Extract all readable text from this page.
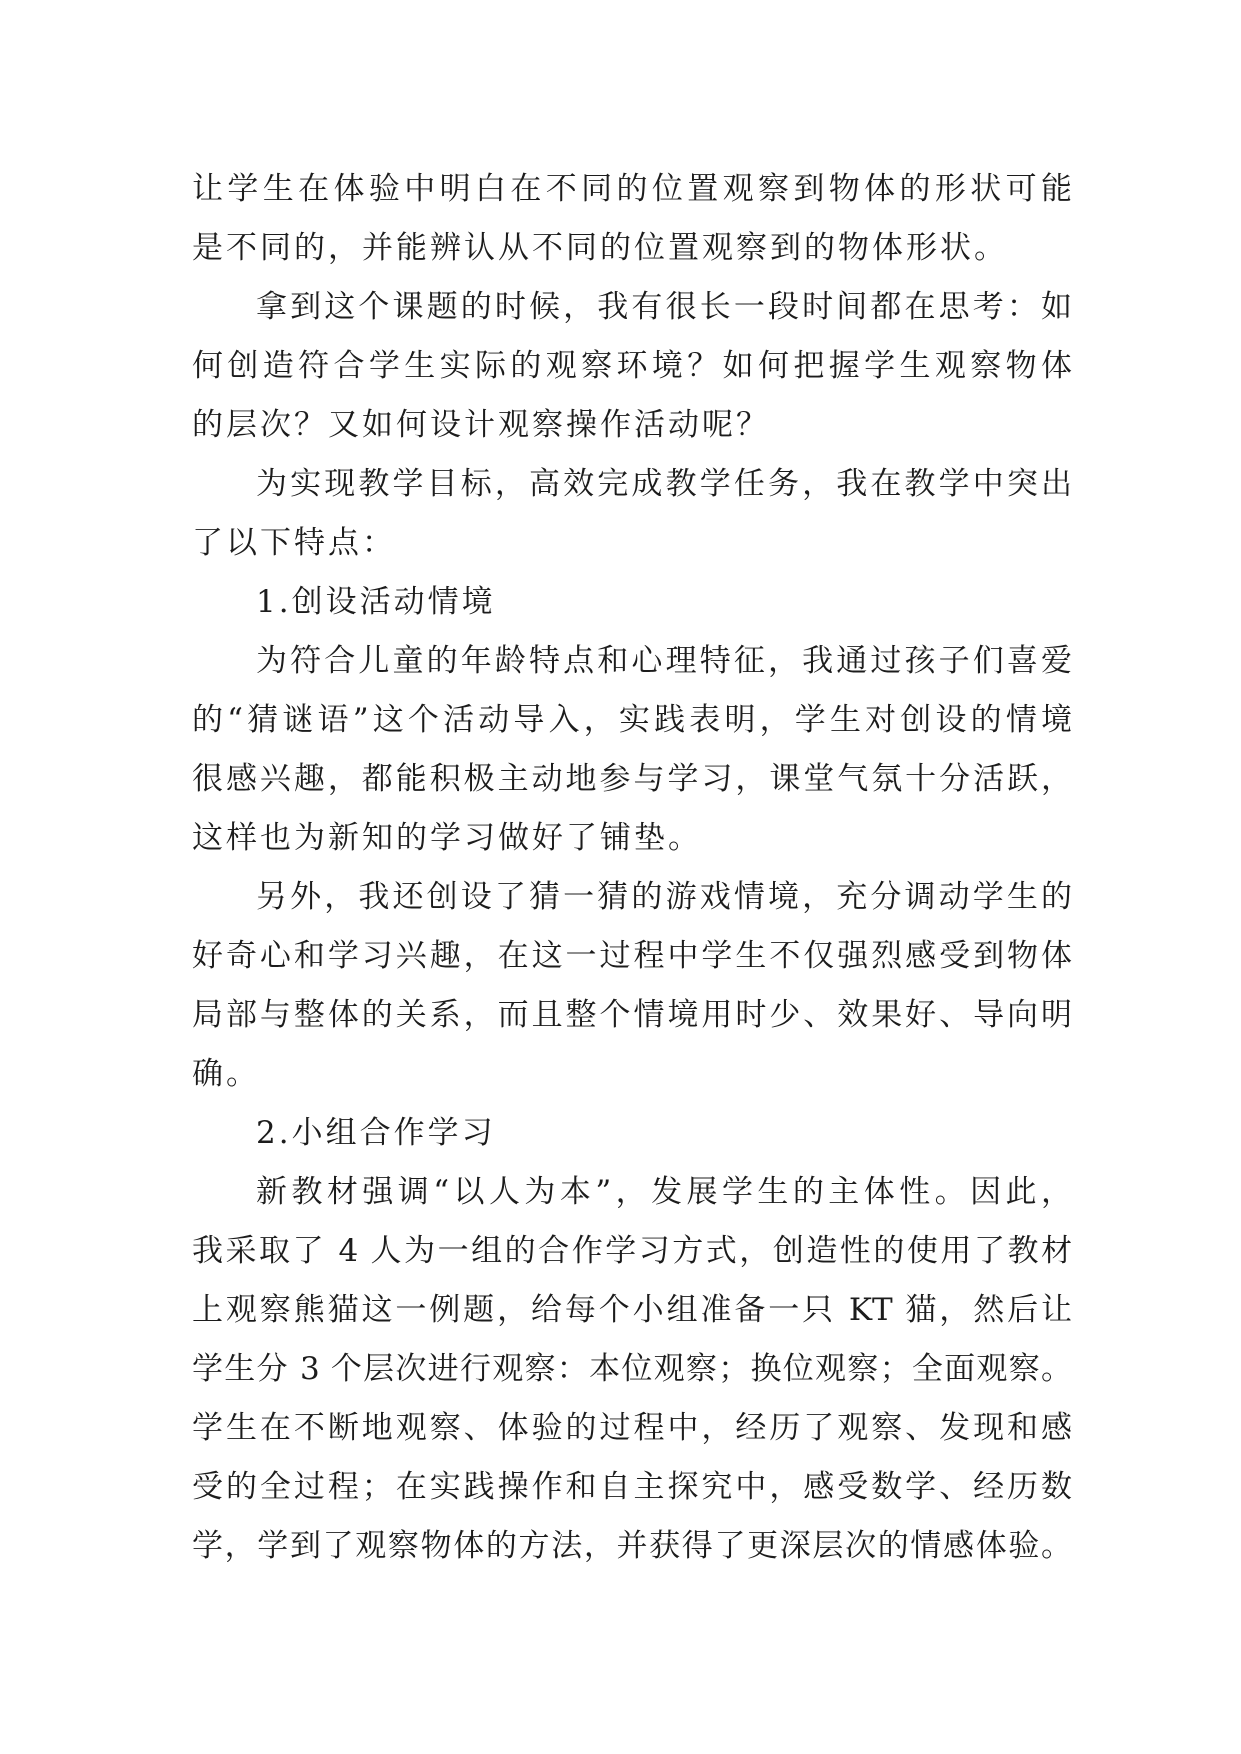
让学生在体验中明白在不同的位置观察到物体的形状可能
是不同的，并能辨认从不同的位置观察到的物体形状。
拿到这个课题的时候，我有很长一段时间都在思考：如
何创造符合学生实际的观察环境？如何把握学生观察物体
的层次？又如何设计观察操作活动呢？
为实现教学目标，高效完成教学任务，我在教学中突出
了以下特点：
1.创设活动情境
为符合儿童的年龄特点和心理特征，我通过孩子们喜爱
的“猜谜语”这个活动导入，实践表明，学生对创设的情境
很感兴趣，都能积极主动地参与学习，课堂气氛十分活跃，
这样也为新知的学习做好了铺垫。
另外，我还创设了猜一猜的游戏情境，充分调动学生的
好奇心和学习兴趣，在这一过程中学生不仅强烈感受到物体
局部与整体的关系，而且整个情境用时少、效果好、导向明
确。
2.小组合作学习
新教材强调“以人为本”，发展学生的主体性。因此，
我采取了 4 人为一组的合作学习方式，创造性的使用了教材
上观察熊猫这一例题，给每个小组准备一只 KT 猫，然后让
学生分 3 个层次进行观察：本位观察；换位观察；全面观察。
学生在不断地观察、体验的过程中，经历了观察、发现和感
受的全过程；在实践操作和自主探究中，感受数学、经历数
学，学到了观察物体的方法，并获得了更深层次的情感体验。
